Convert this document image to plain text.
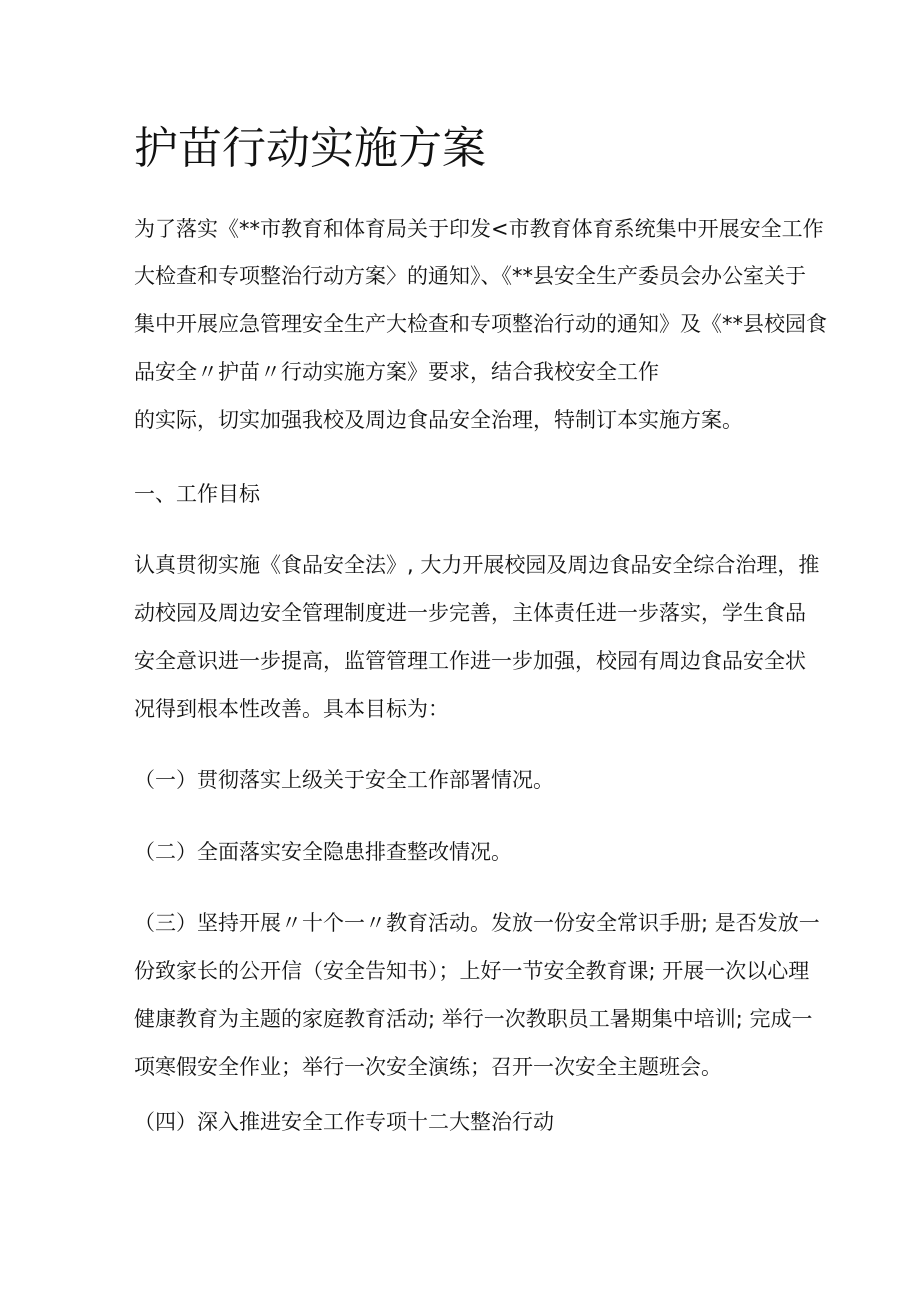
护苗行动实施方案
为了落实《**市教育和体育局关于印发<市教育体育系统集中开展安全工作
大检查和专项整治行动方案〉的通知》、《**县安全生产委员会办公室关于
集中开展应急管理安全生产大检查和专项整治行动的通知》及《**县校园食
品安全〃护苗〃行动实施方案》要求，结合我校安全工作
的实际，切实加强我校及周边食品安全治理，特制订本实施方案。
一、工作目标
认真贯彻实施《食品安全法》, 大力开展校园及周边食品安全综合治理，推
动校园及周边安全管理制度进一步完善，主体责任进一步落实，学生食品
安全意识进一步提高，监管管理工作进一步加强，校园有周边食品安全状
况得到根本性改善。具本目标为：
（一）贯彻落实上级关于安全工作部署情况。
（二）全面落实安全隐患排查整改情况。
（三）坚持开展〃十个一〃教育活动。发放一份安全常识手册; 是否发放一
份致家长的公开信（安全告知书）；上好一节安全教育课; 开展一次以心理
健康教育为主题的家庭教育活动; 举行一次教职员工暑期集中培训; 完成一
项寒假安全作业；举行一次安全演练；召开一次安全主题班会。
（四）深入推进安全工作专项十二大整治行动
